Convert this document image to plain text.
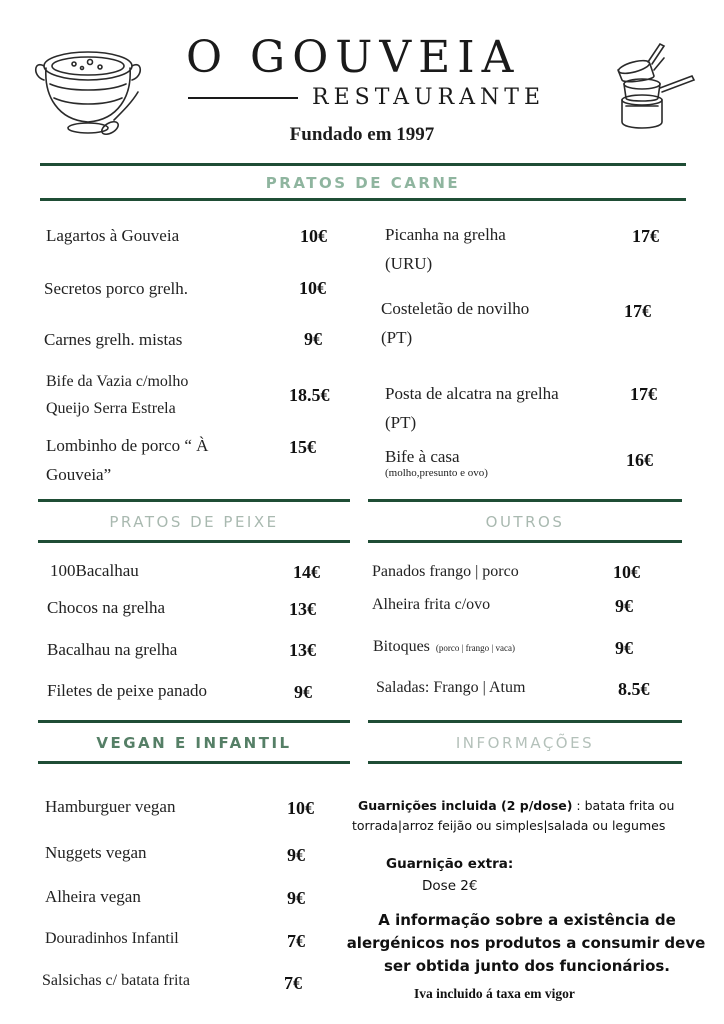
O GOUVEIA
RESTAURANTE
Fundado em 1997
PRATOS DE CARNE
Lagartos à Gouveia	10€
Secretos porco grelh.	10€
Carnes grelh. mistas	9€
Bife da Vazia c/molho
Queijo Serra Estrela
18.5€
Lombinho de porco “ À
Gouveia”
15€
Picanha na grelha
(URU)
17€
Costeletão de novilho
(PT)
17€
Posta de alcatra na grelha
(PT)
17€
Bife à casa
(molho,presunto e ovo)
16€
PRATOS DE PEIXE
100Bacalhau	14€
Chocos na grelha	13€
Bacalhau na grelha	13€
Filetes de peixe panado	9€
OUTROS
Panados frango | porco	10€
Alheira frita c/ovo	9€
Bitoques (porco | frango | vaca)	9€
Saladas: Frango | Atum	8.5€
VEGAN E INFANTIL
Hamburguer vegan	10€
Nuggets vegan	9€
Alheira vegan	9€
Douradinhos Infantil	7€
Salsichas c/ batata frita	7€
INFORMAÇÕES
Guarnições incluida (2 p/dose) : batata frita ou
torrada|arroz feijão ou simples|salada ou legumes
Guarnição extra:
Dose 2€
A informação sobre a existência de
alergénicos nos produtos a consumir deve
ser obtida junto dos funcionários.
Iva incluido á taxa em vigor
